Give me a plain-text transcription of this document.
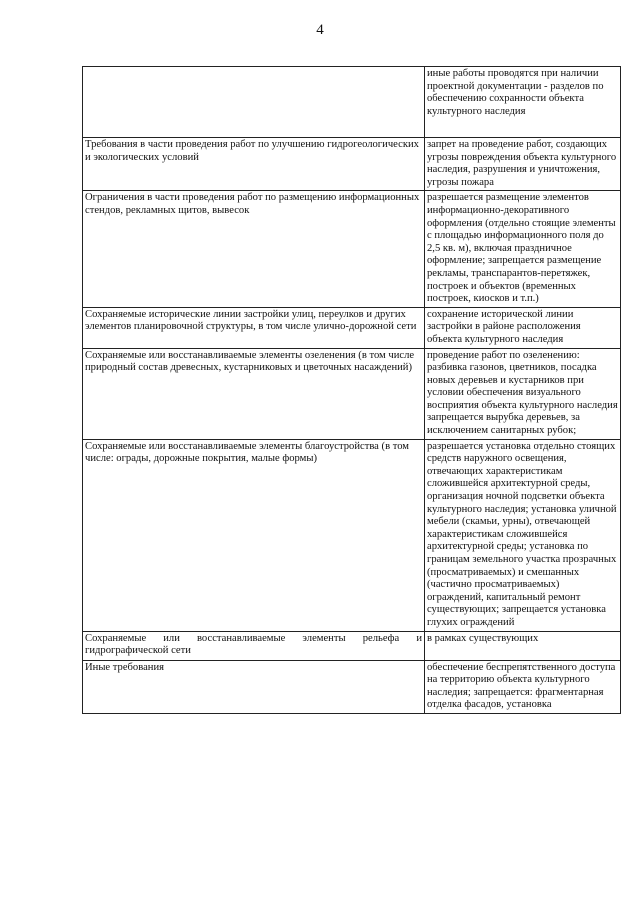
4
	иные работы проводятся при наличии проектной документации - разделов по обеспечению сохранности объекта культурного наследия
Требования в части проведения работ по улучшению гидрогеологических и экологических условий	запрет на проведение работ, создающих угрозы повреждения объекта культурного наследия, разрушения и уничтожения, угрозы пожара
Ограничения в части проведения работ по размещению информационных стендов, рекламных щитов, вывесок	разрешается размещение элементов информационно-декоративного оформления (отдельно стоящие элементы с площадью информационного поля до 2,5 кв. м), включая праздничное оформление; запрещается размещение рекламы, транспарантов-перетяжек, построек и объектов (временных построек, киосков и т.п.)
Сохраняемые исторические линии застройки улиц, переулков и других элементов планировочной структуры, в том числе улично-дорожной сети	сохранение исторической линии застройки в районе расположения объекта культурного наследия
Сохраняемые или восстанавливаемые элементы озеленения (в том числе природный состав древесных, кустарниковых и цветочных насаждений)	проведение работ по озеленению: разбивка газонов, цветников, посадка новых деревьев и кустарников при условии обеспечения визуального восприятия объекта культурного наследия запрещается вырубка деревьев, за исключением санитарных рубок;
Сохраняемые или восстанавливаемые элементы благоустройства (в том числе: ограды, дорожные покрытия, малые формы)	разрешается установка отдельно стоящих средств наружного освещения, отвечающих характеристикам сложившейся архитектурной среды, организация ночной подсветки объекта культурного наследия; установка уличной мебели (скамьи, урны), отвечающей характеристикам сложившейся архитектурной среды; установка по границам земельного участка прозрачных (просматриваемых) и смешанных (частично просматриваемых) ограждений, капитальный ремонт существующих; запрещается установка глухих ограждений
Сохраняемые или восстанавливаемые элементы рельефа и гидрографической сети	в рамках существующих
Иные требования	обеспечение беспрепятственного доступа на территорию объекта культурного наследия; запрещается: фрагментарная отделка фасадов, установка
